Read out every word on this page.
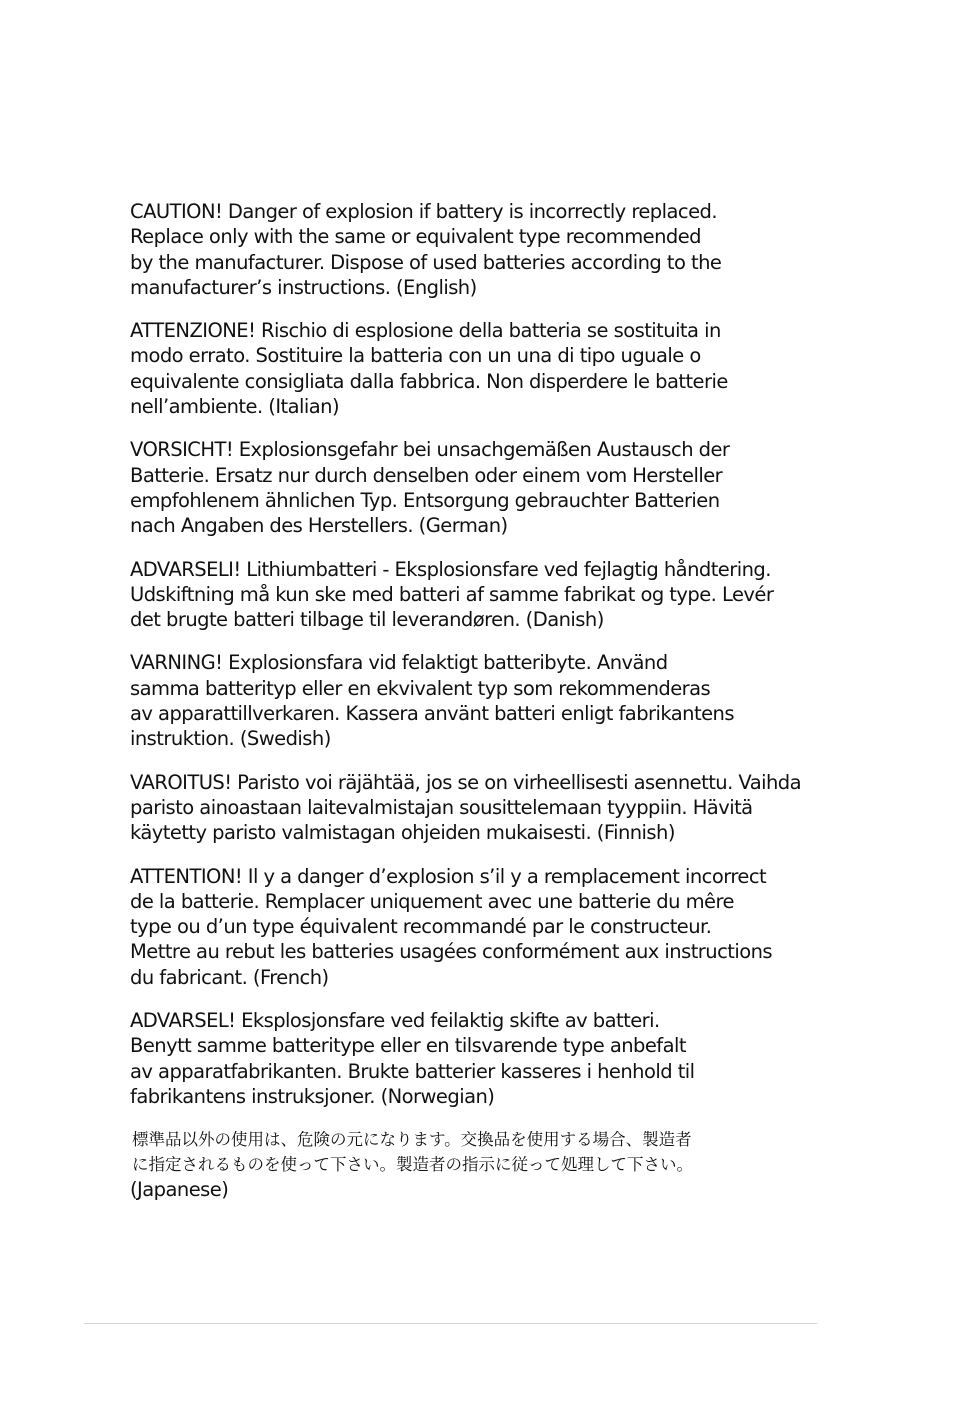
CAUTION! Danger of explosion if battery is incorrectly replaced.
Replace only with the same or equivalent type recommended
by the manufacturer. Dispose of used batteries according to the
manufacturer’s instructions. (English)

ATTENZIONE! Rischio di esplosione della batteria se sostituita in
modo errato. Sostituire la batteria con un una di tipo uguale o
equivalente consigliata dalla fabbrica. Non disperdere le batterie
nell’ambiente. (Italian)

VORSICHT! Explosionsgefahr bei unsachgemäßen Austausch der
Batterie. Ersatz nur durch denselben oder einem vom Hersteller
empfohlenem ähnlichen Typ. Entsorgung gebrauchter Batterien
nach Angaben des Herstellers. (German)

ADVARSELI! Lithiumbatteri - Eksplosionsfare ved fejlagtig håndtering.
Udskiftning må kun ske med batteri af samme fabrikat og type. Levér
det brugte batteri tilbage til leverandøren. (Danish)

VARNING! Explosionsfara vid felaktigt batteribyte. Använd
samma batterityp eller en ekvivalent typ som rekommenderas
av apparattillverkaren. Kassera använt batteri enligt fabrikantens
instruktion. (Swedish)

VAROITUS! Paristo voi räjähtää, jos se on virheellisesti asennettu. Vaihda
paristo ainoastaan laitevalmistajan sousittelemaan tyyppiin. Hävitä
käytetty paristo valmistagan ohjeiden mukaisesti. (Finnish)

ATTENTION! Il y a danger d’explosion s’il y a remplacement incorrect
de la batterie. Remplacer uniquement avec une batterie du mêre
type ou d’un type équivalent recommandé par le constructeur.
Mettre au rebut les batteries usagées conformément aux instructions
du fabricant. (French)

ADVARSEL! Eksplosjonsfare ved feilaktig skifte av batteri.
Benytt samme batteritype eller en tilsvarende type anbefalt
av apparatfabrikanten. Brukte batterier kasseres i henhold til
fabrikantens instruksjoner. (Norwegian)

標準品以外の使用は、危険の元になります。交換品を使用する場合、製造者
に指定されるものを使って下さい。製造者の指示に従って処理して下さい。
(Japanese)
